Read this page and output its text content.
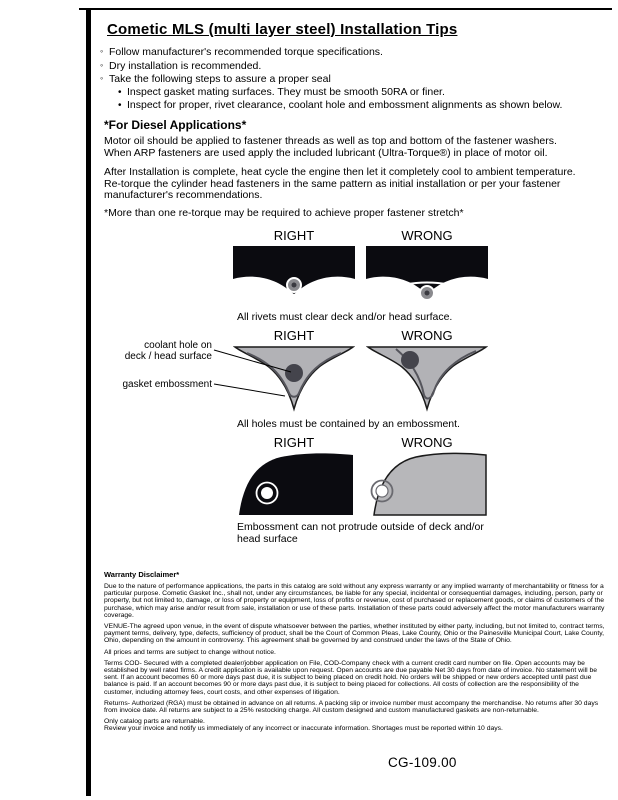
Cometic MLS (multi layer steel) Installation Tips
◦ Follow manufacturer's recommended torque specifications.
◦ Dry installation is recommended.
◦ Take the following steps to assure a proper seal
• Inspect gasket mating surfaces. They must be smooth 50RA or finer.
• Inspect for proper, rivet clearance, coolant hole and embossment alignments as shown below.
*For Diesel Applications*

Motor oil should be applied to fastener threads as well as top and bottom of the fastener washers. When ARP fasteners are used apply the included lubricant (Ultra-Torque®) in place of motor oil.

After Installation is complete, heat cycle the engine then let it completely cool to ambient temperature. Re-torque the cylinder head fasteners in the same pattern as initial installation or per your fastener manufacturer's recommendations.

*More than one re-torque may be required to achieve proper fastener stretch*

RIGHT	WRONG

All rivets must clear deck and/or head surface.

RIGHT	WRONG
coolant hole on
deck / head surface
gasket embossment

All holes must be contained by an embossment.

RIGHT	WRONG

Embossment can not protrude outside of deck and/or head surface

Warranty Disclaimer*

Due to the nature of performance applications, the parts in this catalog are sold without any express warranty or any implied warranty of merchantability or fitness for a particular purpose. Cometic Gasket Inc., shall not, under any circumstances, be liable for any special, incidental or consequential damages, including, person, party or property, but not limited to, damage, or loss of property or equipment, loss of profits or revenue, cost of purchased or replacement goods, or claims of customers of the purchase, which may arise and/or result from sale, installation or use of these parts. Installation of these parts could adversely affect the motor manufacturers warranty coverage.

VENUE-The agreed upon venue, in the event of dispute whatsoever between the parties, whether instituted by either party, including, but not limited to, contract terms, payment terms, delivery, type, defects, sufficiency of product, shall be the Court of Common Pleas, Lake County, Ohio or the Painesville Municipal Court, Lake County, Ohio, depending on the amount in controversy. This agreement shall be governed by and construed under the laws of the State of Ohio.

All prices and terms are subject to change without notice.

Terms COD- Secured with a completed dealer/jobber application on File, COD-Company check with a current credit card number on file. Open accounts may be established by well rated firms. A credit application is available upon request. Open accounts are due payable Net 30 days from date of invoice. No statement will be sent. If an account becomes 60 or more days past due, it is subject to being placed on credit hold. No orders will be shipped or new orders accepted until past due balance is paid. If an account becomes 90 or more days past due, it is subject to being placed for collections. All costs of collection are the responsibility of the customer, including attorney fees, court costs, and other expenses of litigation.

Returns- Authorized (RGA) must be obtained in advance on all returns. A packing slip or invoice number must accompany the merchandise. No returns after 30 days from invoice date. All returns are subject to a 25% restocking charge. All custom designed and custom manufactured gaskets are non-returnable.

Only catalog parts are returnable.

Review your invoice and notify us immediately of any incorrect or inaccurate information. Shortages must be reported within 10 days.

CG-109.00
